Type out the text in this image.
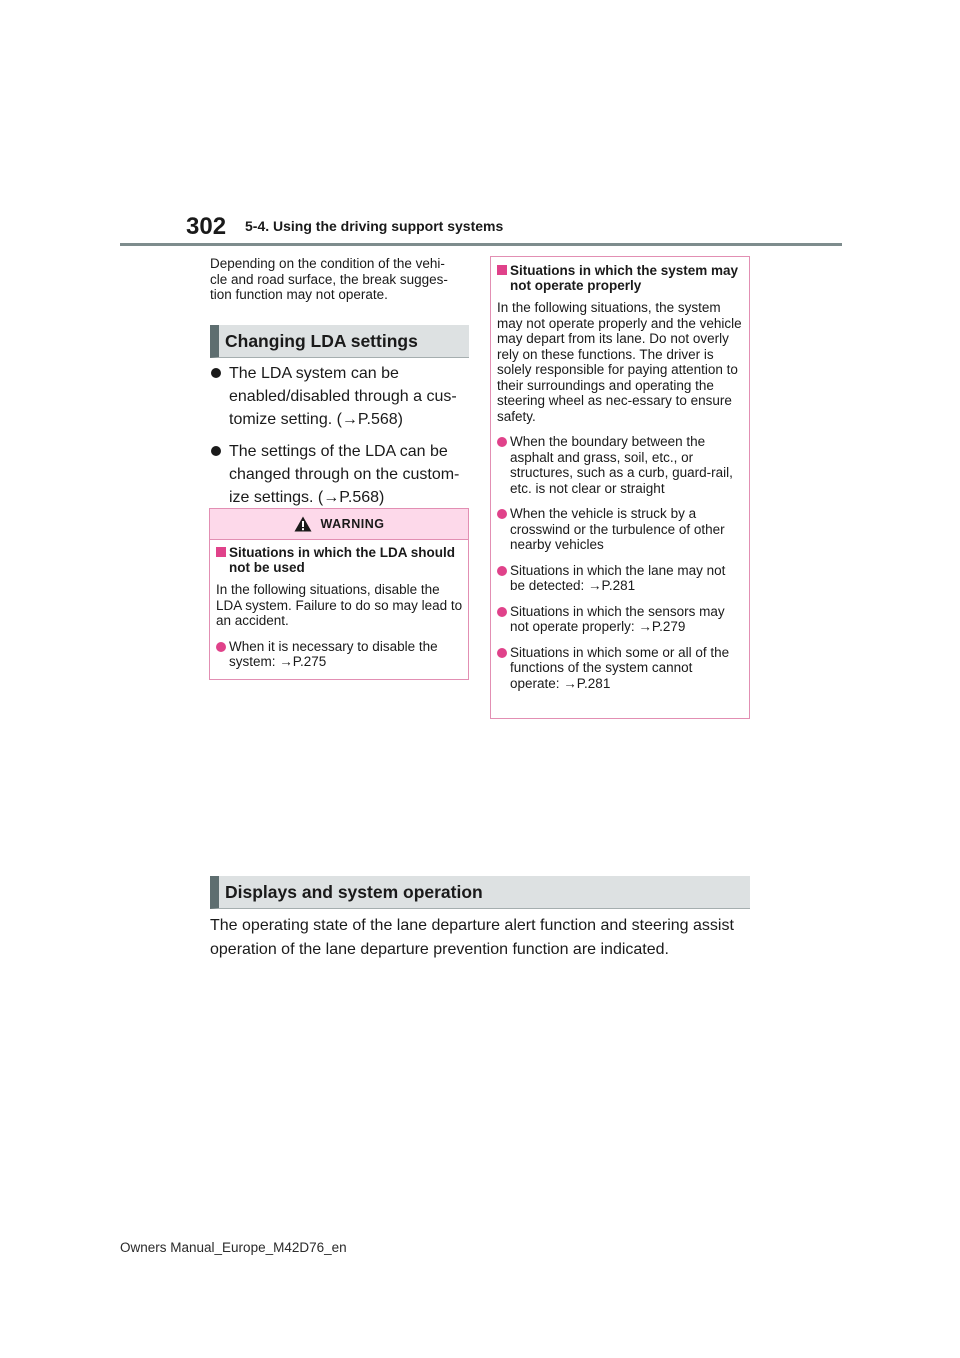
302 5-4. Using the driving support systems
Depending on the condition of the vehi-
cle and road surface, the break sugges-
tion function may not operate.
Changing LDA settings
The LDA system can be enabled/disabled through a cus-tomize setting. (→P.568)
The settings of the LDA can be changed through on the custom-ize settings. (→P.568)
WARNING
Situations in which the LDA should not be used
In the following situations, disable the LDA system. Failure to do so may lead to an accident.
When it is necessary to disable the system: →P.275
Situations in which the system may not operate properly
In the following situations, the system may not operate properly and the vehicle may depart from its lane. Do not overly rely on these functions. The driver is solely responsible for paying attention to their surroundings and operating the steering wheel as nec-essary to ensure safety.
When the boundary between the asphalt and grass, soil, etc., or structures, such as a curb, guard-rail, etc. is not clear or straight
When the vehicle is struck by a crosswind or the turbulence of other nearby vehicles
Situations in which the lane may not be detected: →P.281
Situations in which the sensors may not operate properly: →P.279
Situations in which some or all of the functions of the system cannot operate: →P.281
Displays and system operation
The operating state of the lane departure alert function and steering assist operation of the lane departure prevention function are indicated.
Owners Manual_Europe_M42D76_en
